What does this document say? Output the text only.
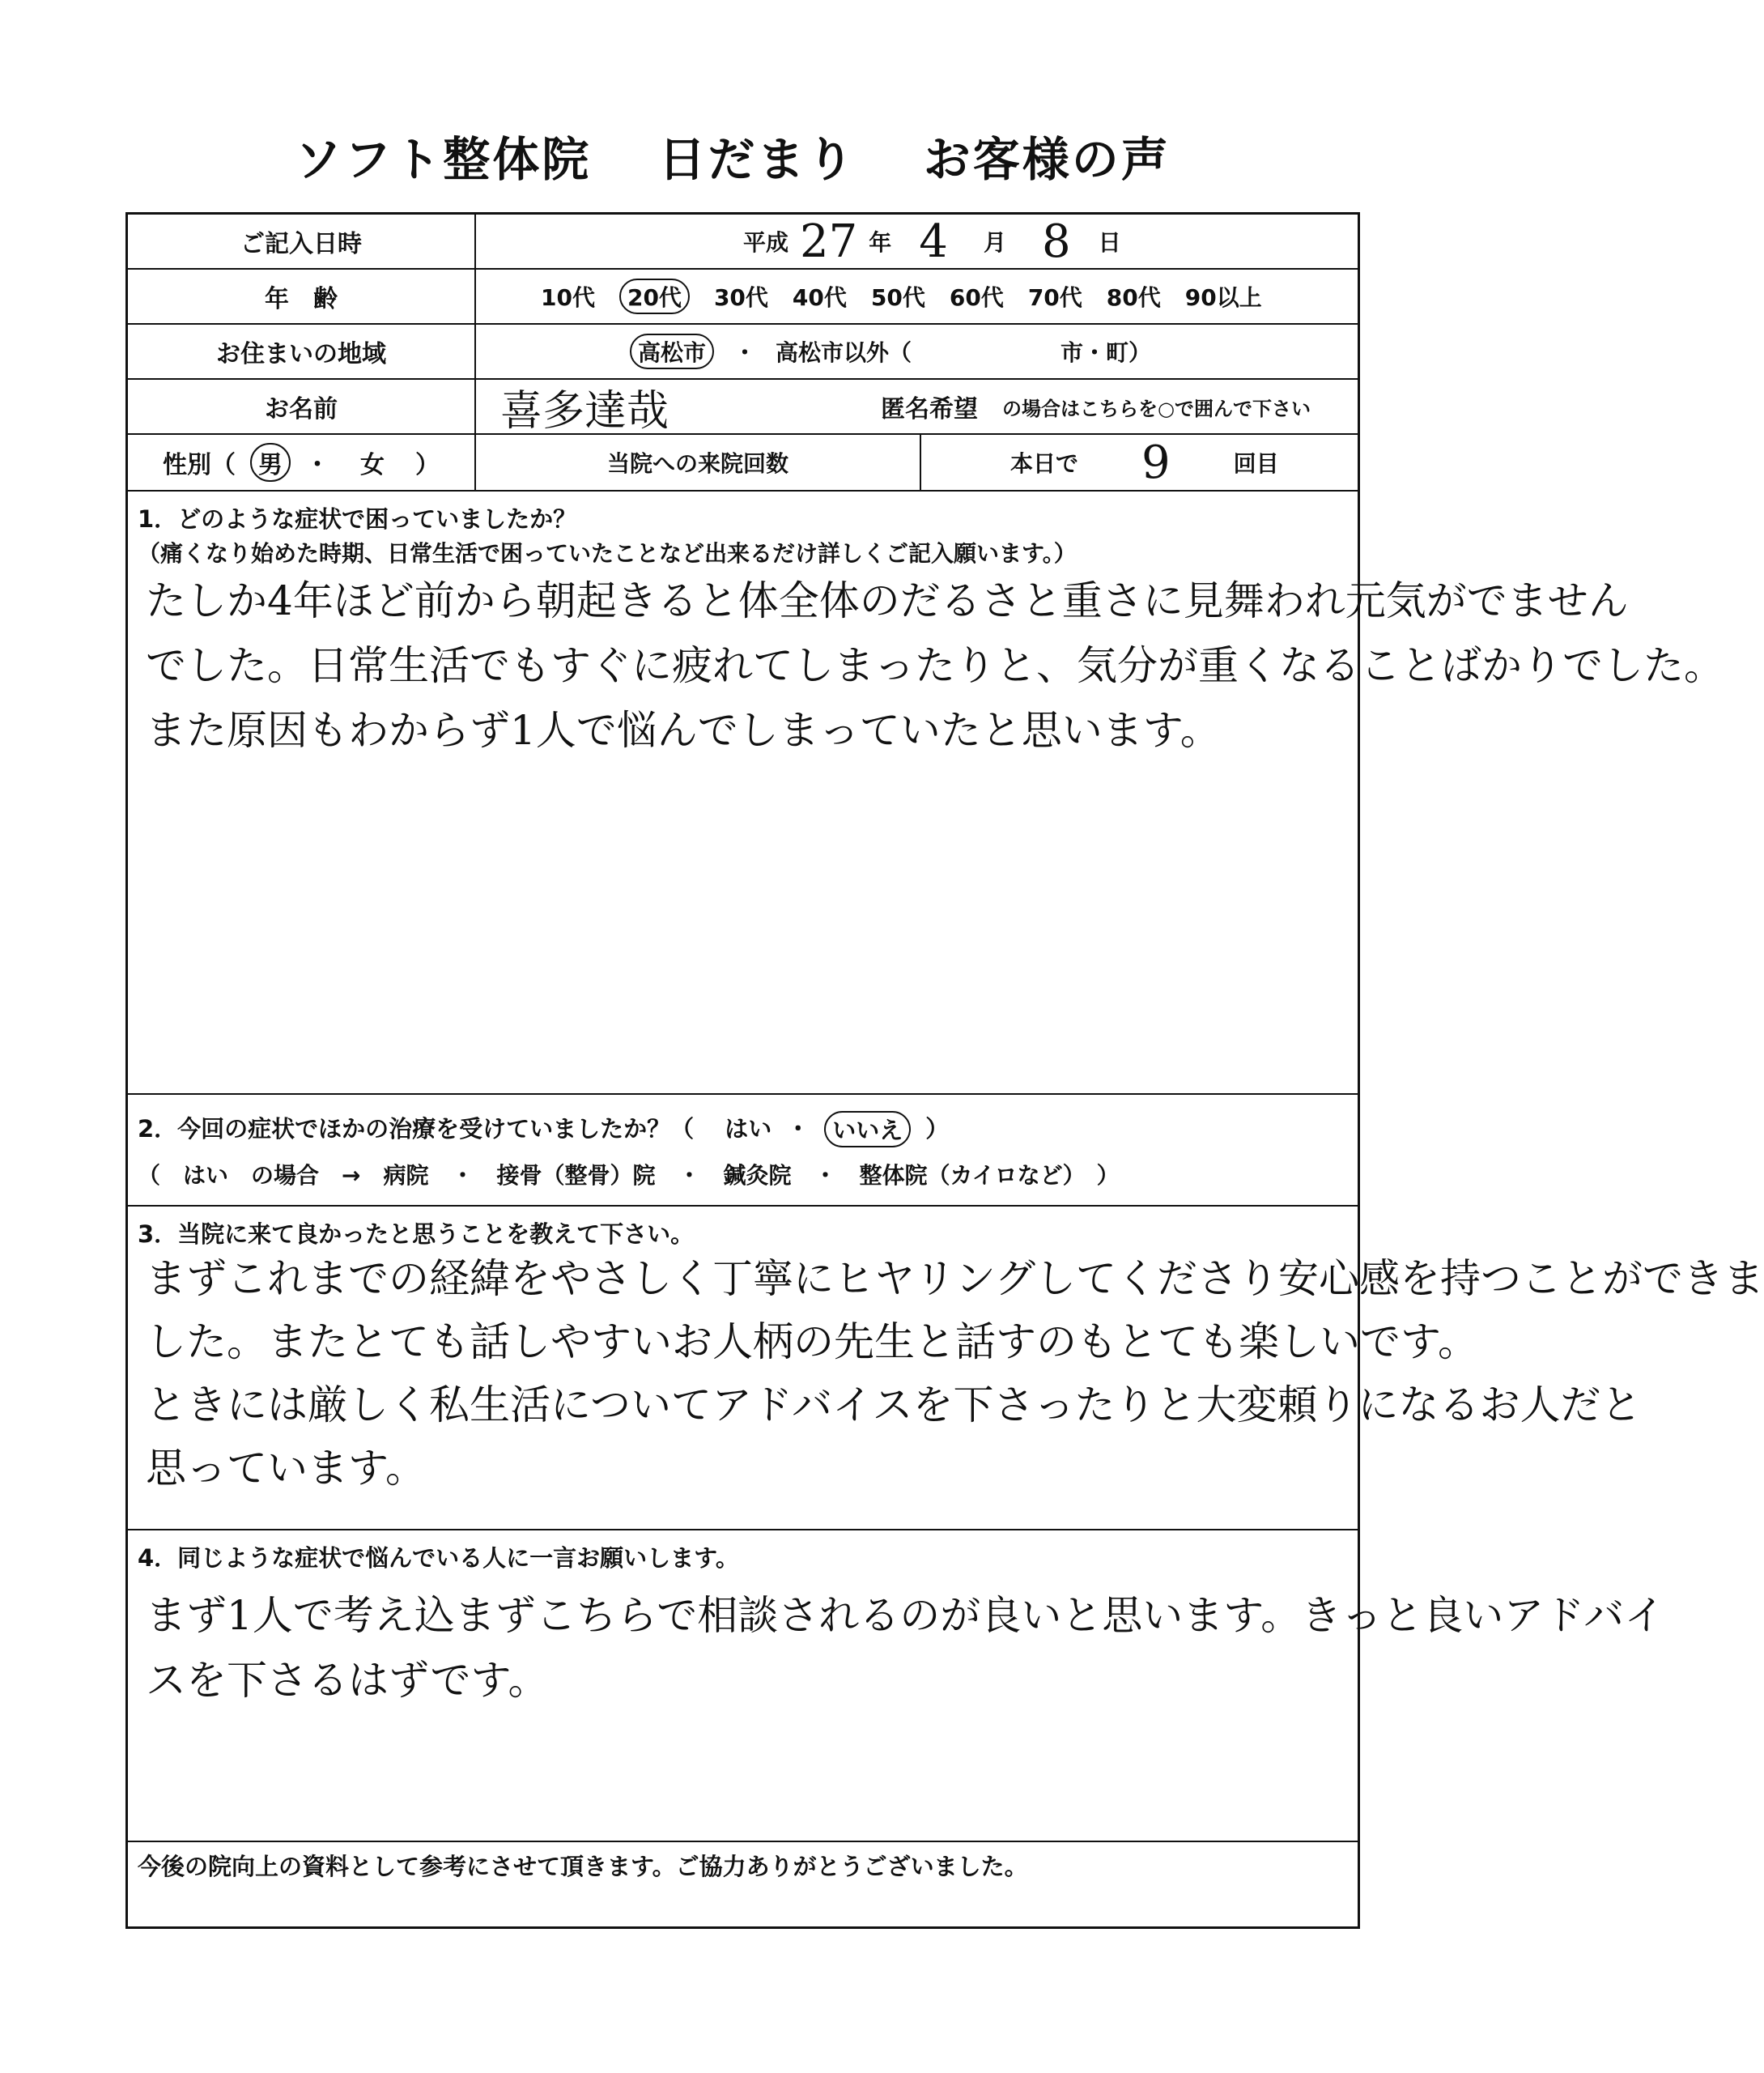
ソフト整体院 日だまり お客様の声
ご記入日時	平成 27 年 4 月 8 日
年　齢	10代	20代	30代 40代 50代 60代 70代 80代 90以上
お住まいの地域	高松市	・ 高松市以外（	市・町）
お名前	喜多達哉	匿名希望 の場合はこちらを○で囲んで下さい
性別（ 男 ・ 女 ）	当院への来院回数	本日で 9	回目
1．どのような症状で困っていましたか？
（痛くなり始めた時期、日常生活で困っていたことなど出来るだけ詳しくご記入願います。）
たしか4年ほど前から朝起きると体全体のだるさと重さに見舞われ元気がでません
でした。日常生活でもすぐに疲れてしまったりと、気分が重くなることばかりでした。
また原因もわからず1人で悩んでしまっていたと思います。
2．今回の症状でほかの治療を受けていましたか？（ はい ・ いいえ ）
（　はい　の場合　→　病院　・　接骨（整骨）院　・　鍼灸院　・　整体院（カイロなど）　）
3．当院に来て良かったと思うことを教えて下さい。
まずこれまでの経緯をやさしく丁寧にヒヤリングしてくださり安心感を持つことができま
した。またとても話しやすいお人柄の先生と話すのもとても楽しいです。
ときには厳しく私生活についてアドバイスを下さったりと大変頼りになるお人だと
思っています。
4．同じような症状で悩んでいる人に一言お願いします。
まず1人で考え込まずこちらで相談されるのが良いと思います。きっと良いアドバイ
スを下さるはずです。
今後の院向上の資料として参考にさせて頂きます。ご協力ありがとうございました。
